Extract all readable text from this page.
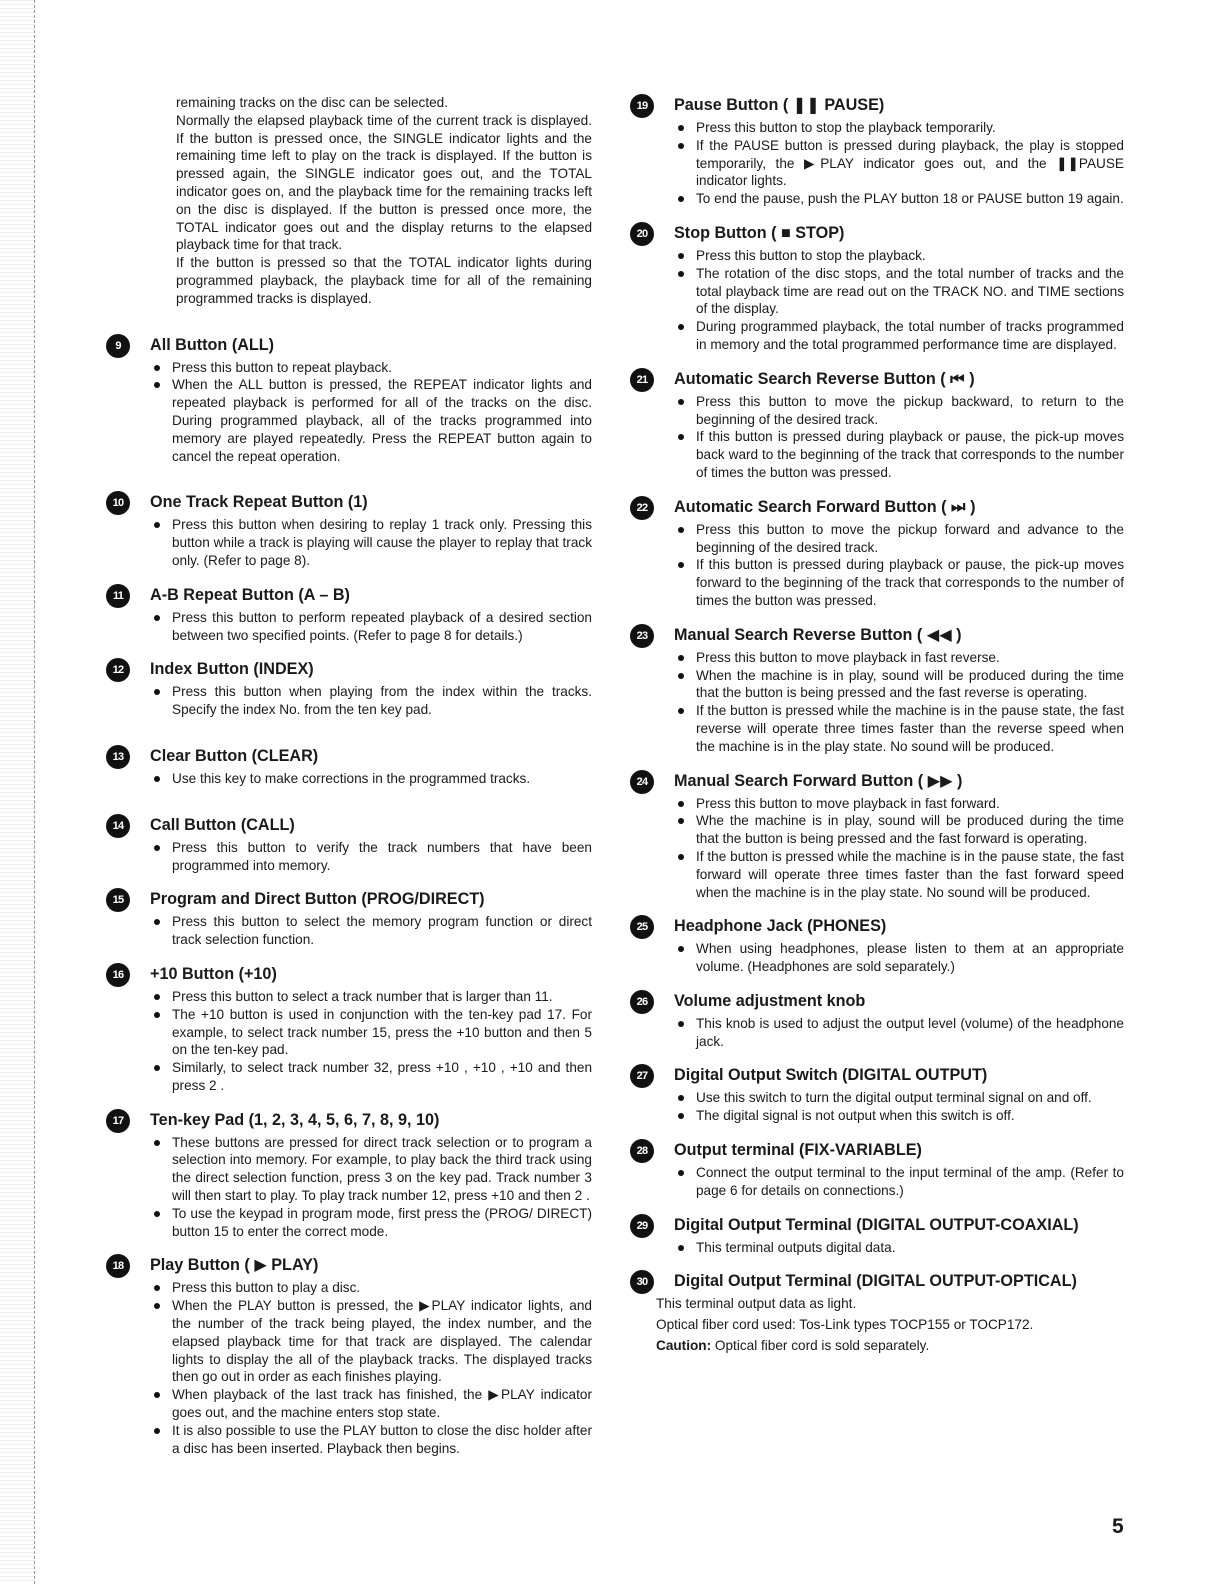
remaining tracks on the disc can be selected.

Normally the elapsed playback time of the current track is displayed. If the button is pressed once, the SINGLE indicator lights and the remaining time left to play on the track is displayed. If the button is pressed again, the SINGLE indicator goes out, and the TOTAL indicator goes on, and the playback time for the remaining tracks left on the disc is displayed. If the button is pressed once more, the TOTAL indicator goes out and the display returns to the elapsed playback time for that track.

If the button is pressed so that the TOTAL indicator lights during programmed playback, the playback time for all of the remaining programmed tracks is displayed.

9	All Button (ALL)
Press this button to repeat playback.
When the ALL button is pressed, the REPEAT indicator lights and repeated playback is performed for all of the tracks on the disc. During programmed playback, all of the tracks programmed into memory are played repeatedly. Press the REPEAT button again to cancel the repeat operation.
10	One Track Repeat Button (1)
Press this button when desiring to replay 1 track only. Pressing this button while a track is playing will cause the player to replay that track only. (Refer to page 8).
11	A-B Repeat Button (A – B)
Press this button to perform repeated playback of a desired section between two specified points. (Refer to page 8 for details.)
12	Index Button (INDEX)
Press this button when playing from the index within the tracks. Specify the index No. from the ten key pad.
13	Clear Button (CLEAR)
Use this key to make corrections in the programmed tracks.
14	Call Button (CALL)
Press this button to verify the track numbers that have been programmed into memory.
15	Program and Direct Button (PROG/DIRECT)
Press this button to select the memory program function or direct track selection function.
16	+10 Button (+10)
Press this button to select a track number that is larger than 11.
The +10 button is used in conjunction with the ten-key pad 17. For example, to select track number 15, press the +10 button and then 5 on the ten-key pad.
Similarly, to select track number 32, press +10 , +10 , +10 and then press 2 .
17	Ten-key Pad (1, 2, 3, 4, 5, 6, 7, 8, 9, 10)
These buttons are pressed for direct track selection or to program a selection into memory. For example, to play back the third track using the direct selection function, press 3 on the key pad. Track number 3 will then start to play. To play track number 12, press +10 and then 2 .
To use the keypad in program mode, first press the (PROG/ DIRECT) button 15 to enter the correct mode.
18	Play Button ( ▶ PLAY)
Press this button to play a disc.
When the PLAY button is pressed, the ▶PLAY indicator lights, and the number of the track being played, the index number, and the elapsed playback time for that track are displayed. The calendar lights to display the all of the playback tracks. The displayed tracks then go out in order as each finishes playing.
When playback of the last track has finished, the ▶PLAY indicator goes out, and the machine enters stop state.
It is also possible to use the PLAY button to close the disc holder after a disc has been inserted. Playback then begins.
19	Pause Button ( ❚❚ PAUSE)
Press this button to stop the playback temporarily.
If the PAUSE button is pressed during playback, the play is stopped temporarily, the ▶PLAY indicator goes out, and the ❚❚PAUSE indicator lights.
To end the pause, push the PLAY button 18 or PAUSE button 19 again.
20	Stop Button ( ■ STOP)
Press this button to stop the playback.
The rotation of the disc stops, and the total number of tracks and the total playback time are read out on the TRACK NO. and TIME sections of the display.
During programmed playback, the total number of tracks programmed in memory and the total programmed performance time are displayed.
21	Automatic Search Reverse Button ( ⏮ )
Press this button to move the pickup backward, to return to the beginning of the desired track.
If this button is pressed during playback or pause, the pick-up moves back ward to the beginning of the track that corresponds to the number of times the button was pressed.
22	Automatic Search Forward Button ( ⏭ )
Press this button to move the pickup forward and advance to the beginning of the desired track.
If this button is pressed during playback or pause, the pick-up moves forward to the beginning of the track that corresponds to the number of times the button was pressed.
23	Manual Search Reverse Button ( ◀◀ )
Press this button to move playback in fast reverse.
When the machine is in play, sound will be produced during the time that the button is being pressed and the fast reverse is operating.
If the button is pressed while the machine is in the pause state, the fast reverse will operate three times faster than the reverse speed when the machine is in the play state. No sound will be produced.
24	Manual Search Forward Button ( ▶▶ )
Press this button to move playback in fast forward.
Whe the machine is in play, sound will be produced during the time that the button is being pressed and the fast forward is operating.
If the button is pressed while the machine is in the pause state, the fast forward will operate three times faster than the fast forward speed when the machine is in the play state. No sound will be produced.
25	Headphone Jack (PHONES)
When using headphones, please listen to them at an appropriate volume. (Headphones are sold separately.)
26	Volume adjustment knob
This knob is used to adjust the output level (volume) of the headphone jack.
27	Digital Output Switch (DIGITAL OUTPUT)
Use this switch to turn the digital output terminal signal on and off.
The digital signal is not output when this switch is off.
28	Output terminal (FIX-VARIABLE)
Connect the output terminal to the input terminal of the amp. (Refer to page 6 for details on connections.)
29	Digital Output Terminal (DIGITAL OUTPUT-COAXIAL)
This terminal outputs digital data.
30	Digital Output Terminal (DIGITAL OUTPUT-OPTICAL)

This terminal output data as light.

Optical fiber cord used: Tos-Link types TOCP155 or TOCP172.

Caution: Optical fiber cord is sold separately.

5
